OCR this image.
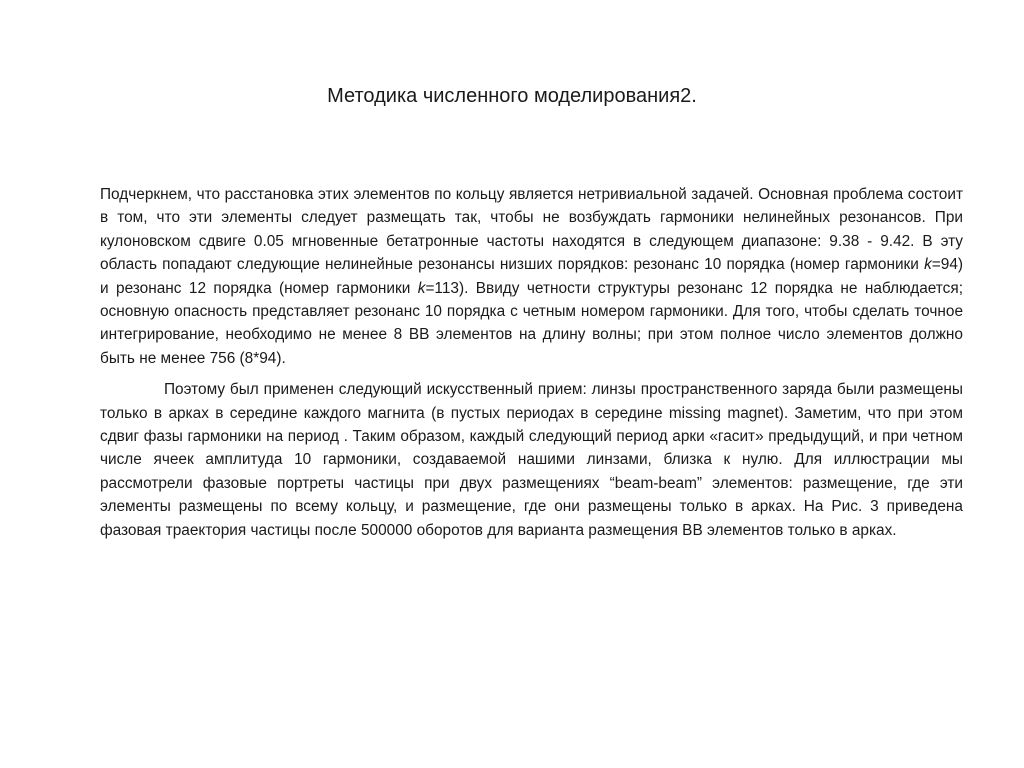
Методика численного моделирования2.

Подчеркнем, что расстановка этих элементов по кольцу является нетривиальной задачей. Основная проблема состоит в том, что эти элементы следует размещать так, чтобы не возбуждать гармоники нелинейных резонансов. При кулоновском сдвиге 0.05 мгновенные бетатронные частоты находятся в следующем диапазоне: 9.38 - 9.42. В эту область попадают следующие нелинейные резонансы низших порядков: резонанс 10 порядка (номер гармоники k=94) и резонанс 12 порядка (номер гармоники k=113). Ввиду четности структуры резонанс 12 порядка не наблюдается; основную опасность представляет резонанс 10 порядка с четным номером гармоники. Для того, чтобы сделать точное интегрирование, необходимо не менее 8 BB элементов на длину волны; при этом полное число элементов должно быть не менее 756 (8*94).

Поэтому был применен следующий искусственный прием: линзы пространственного заряда были размещены только в арках в середине каждого магнита (в пустых периодах в середине missing magnet). Заметим, что при этом сдвиг фазы гармоники на период . Таким образом, каждый следующий период арки «гасит» предыдущий, и при четном числе ячеек амплитуда 10 гармоники, создаваемой нашими линзами, близка к нулю. Для иллюстрации мы рассмотрели фазовые портреты частицы при двух размещениях “beam-beam” элементов: размещение, где эти элементы размещены по всему кольцу, и размещение, где они размещены только в арках. На Рис. 3 приведена фазовая траектория частицы после 500000 оборотов для варианта размещения BB элементов только в арках.
